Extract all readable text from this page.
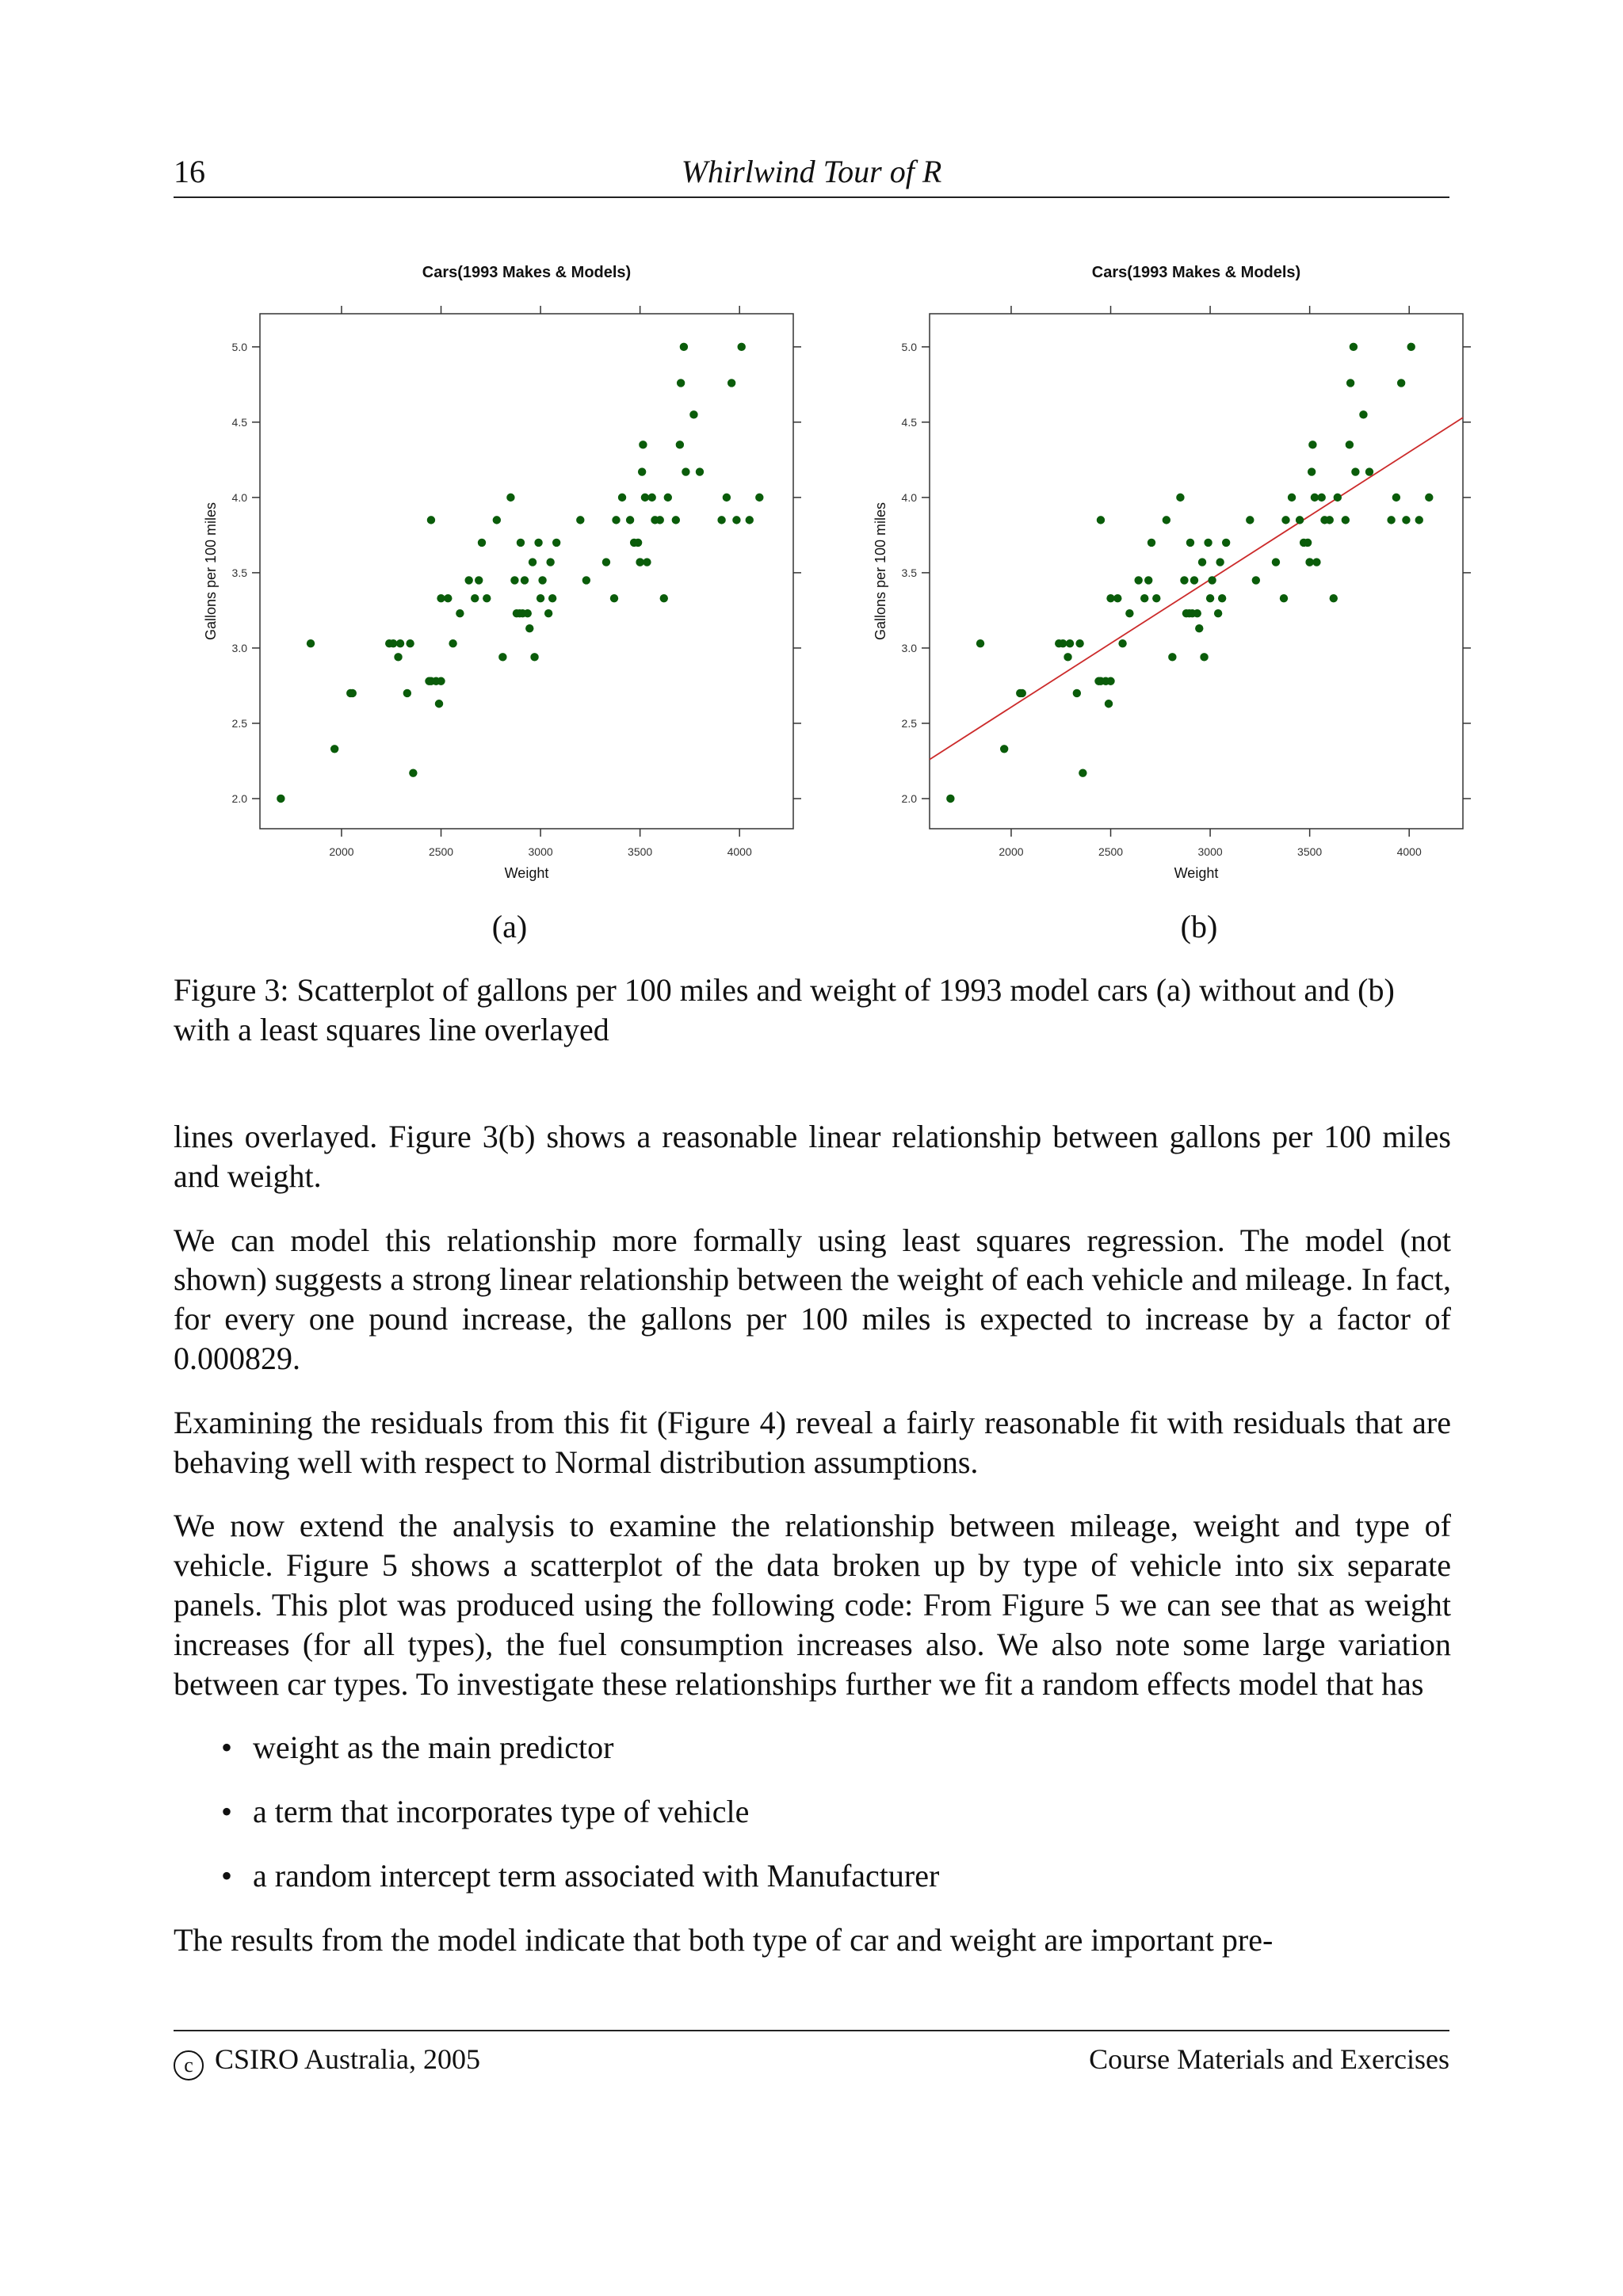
16	Whirlwind Tour of R
Cars(1993 Makes & Models)
2000	2500	3000	3500	4000
2.0
2.5
3.0
3.5
4.0
4.5
5.0
Weight
Gallons per 100 miles
Cars(1993 Makes & Models)
2000	2500	3000	3500	4000
2.0
2.5
3.0
3.5
4.0
4.5
5.0
Weight
Gallons per 100 miles
(a)	(b)
Figure 3: Scatterplot of gallons per 100 miles and weight of 1993 model cars (a) without and (b) with a least squares line overlayed

lines overlayed. Figure 3(b) shows a reasonable linear relationship between gallons per 100 miles and weight.

We can model this relationship more formally using least squares regression. The model (not shown) suggests a strong linear relationship between the weight of each vehicle and mileage. In fact, for every one pound increase, the gallons per 100 miles is expected to increase by a factor of 0.000829.

Examining the residuals from this fit (Figure 4) reveal a fairly reasonable fit with residuals that are behaving well with respect to Normal distribution assumptions.

We now extend the analysis to examine the relationship between mileage, weight and type of vehicle. Figure 5 shows a scatterplot of the data broken up by type of vehicle into six separate panels. This plot was produced using the following code: From Figure 5 we can see that as weight increases (for all types), the fuel consumption increases also. We also note some large variation between car types. To investigate these relationships further we fit a random effects model that has

• weight as the main predictor
• a term that incorporates type of vehicle
• a random intercept term associated with Manufacturer

The results from the model indicate that both type of car and weight are important pre-

c CSIRO Australia, 2005	Course Materials and Exercises
